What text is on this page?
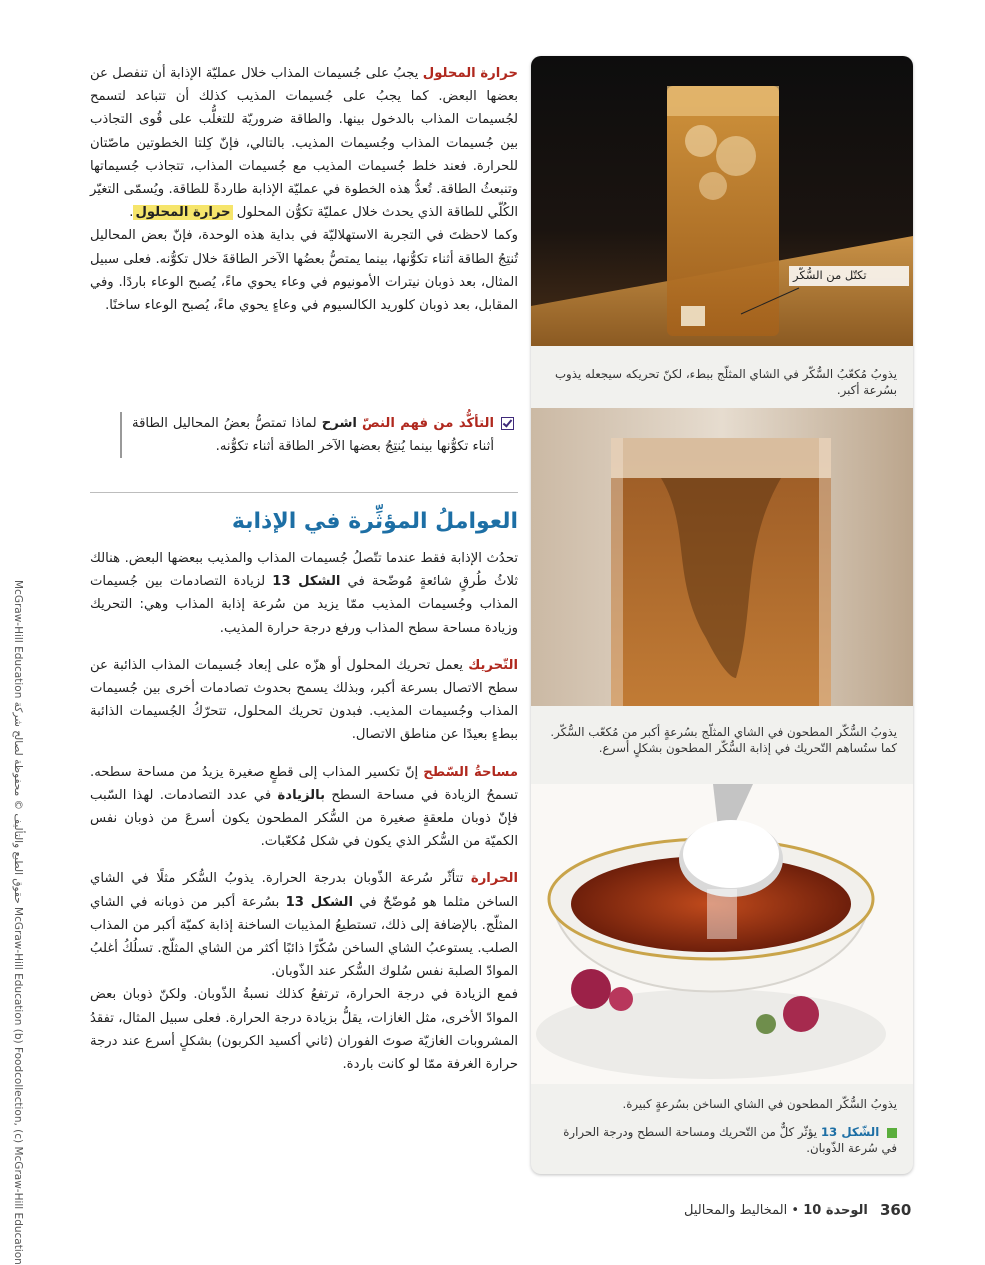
حرارة المحلول يجبُ على جُسيمات المذاب خلال عمليّة الإذابة أن تنفصل عن بعضها البعض. كما يجبُ على جُسيمات المذيب كذلك أن تتباعد لتسمح لجُسيمات المذاب بالدخول بينها. والطاقة ضروريّة للتغلُّب على قُوى التجاذب بين جُسيمات المذاب وجُسيمات المذيب. بالتالي، فإنّ كِلتا الخطوتين ماصّتان للحرارة. فعند خلط جُسيمات المذيب مع جُسيمات المذاب، تتجاذب جُسيماتها وتنبعثُ الطاقة. تُعدُّ هذه الخطوة في عمليّة الإذابة طاردةً للطاقة. ويُسمّى التغيّر الكُلّي للطاقة الذي يحدث خلال عمليّة تكوُّن المحلول حرارة المحلول.
وكما لاحظتَ في التجربة الاستهلاليّة في بداية هذه الوحدة، فإنّ بعض المحاليل تُنتِجُ الطاقة أثناء تكوُّنها، بينما يمتصُّ بعضُها الآخر الطاقةَ خلال تكوُّنه. فعلى سبيل المثال، بعد ذوبان نيترات الأمونيوم في وعاء يحوي ماءً، يُصبح الوعاء باردًا. وفي المقابل، بعد ذوبان كلوريد الكالسيوم في وعاءٍ يحوي ماءً، يُصبح الوعاء ساخنًا.

التأكُّد من فهم النصّ اشرح لماذا تمتصُّ بعضُ المحاليل الطاقة أثناء تكوُّنها بينما يُنتِجُ بعضها الآخر الطاقة أثناء تكوُّنه.
العواملُ المؤثِّرة في الإذابة

تحدُث الإذابة فقط عندما تتّصلُ جُسيمات المذاب والمذيب ببعضها البعض. هنالك ثلاثُ طُرقٍ شائعةٍ مُوضّحة في الشكل 13 لزيادة التصادمات بين جُسيمات المذاب وجُسيمات المذيب ممّا يزيد من سُرعة إذابة المذاب وهي: التحريك وزيادة مساحة سطح المذاب ورفع درجة حرارة المذيب.

التّحريك يعمل تحريك المحلول أو هزّه على إبعاد جُسيمات المذاب الذائبة عن سطح الاتصال بسرعة أكبر، وبذلك يسمح بحدوث تصادمات أخرى بين جُسيمات المذاب وجُسيمات المذيب. فبدون تحريك المحلول، تتحرّكُ الجُسيمات الذائبة ببطءٍ بعيدًا عن مناطق الاتصال.

مساحةُ السّطح إنّ تكسير المذاب إلى قطعٍ صغيرة يزيدُ من مساحة سطحه. تسمحُ الزيادة في مساحة السطح بالزيادة في عدد التصادمات. لهذا السّبب فإنّ ذوبان ملعقةٍ صغيرة من السُّكر المطحون يكون أسرعَ من ذوبان نفس الكميّة من السُّكر الذي يكون في شكل مُكعّبات.

الحرارة تتأثّر سُرعة الذّوبان بدرجة الحرارة. يذوبُ السُّكر مثلًا في الشاي الساخن مثلما هو مُوضّحٌ في الشكل 13 بسُرعة أكبر من ذوبانه في الشاي المثلّج. بالإضافة إلى ذلك، تستطيعُ المذيبات الساخنة إذابة كميّة أكبر من المذاب الصلب. يستوعبُ الشاي الساخن سُكّرًا ذائبًا أكثر من الشاي المثلّج. تسلُكُ أغلبُ الموادّ الصلبة نفس سُلوك السُّكر عند الذّوبان.

فمع الزيادة في درجة الحرارة، ترتفعُ كذلك نسبةُ الذّوبان. ولكنّ ذوبان بعض الموادّ الأخرى، مثل الغازات، يقلُّ بزيادة درجة الحرارة. فعلى سبيل المثال، تفقدُ المشروبات الغازيّة صوتَ الفوران (ثاني أكسيد الكربون) بشكلٍ أسرع عند درجة حرارة الغرفة ممّا لو كانت باردة.

تكتّل من السُّكّر
يذوبُ مُكعّبُ السُّكّر في الشاي المثلّج ببطء، لكنّ تحريكه سيجعله يذوب بسُرعة أكبر.
يذوبُ السُّكّر المطحون في الشاي المثلّج بسُرعةٍ أكبر من مُكعّب السُّكّر. كما ستُساهم التّحريك في إذابة السُّكّر المطحون بشكلٍ أسرع.
يذوبُ السُّكّر المطحون في الشاي الساخن بسُرعةٍ كبيرة.
الشّكل 13 يؤثّر كلٌّ من التّحريك ومساحة السطح ودرجة الحرارة في سُرعة الذّوبان.
McGraw-Hill Education حقوق الطبع والتأليف © محفوظة لصالح شركة McGraw-Hill Education (b) Foodcollection, (c) McGraw-Hill Education	الوحدة 10 • المخاليط والمحاليل	360
